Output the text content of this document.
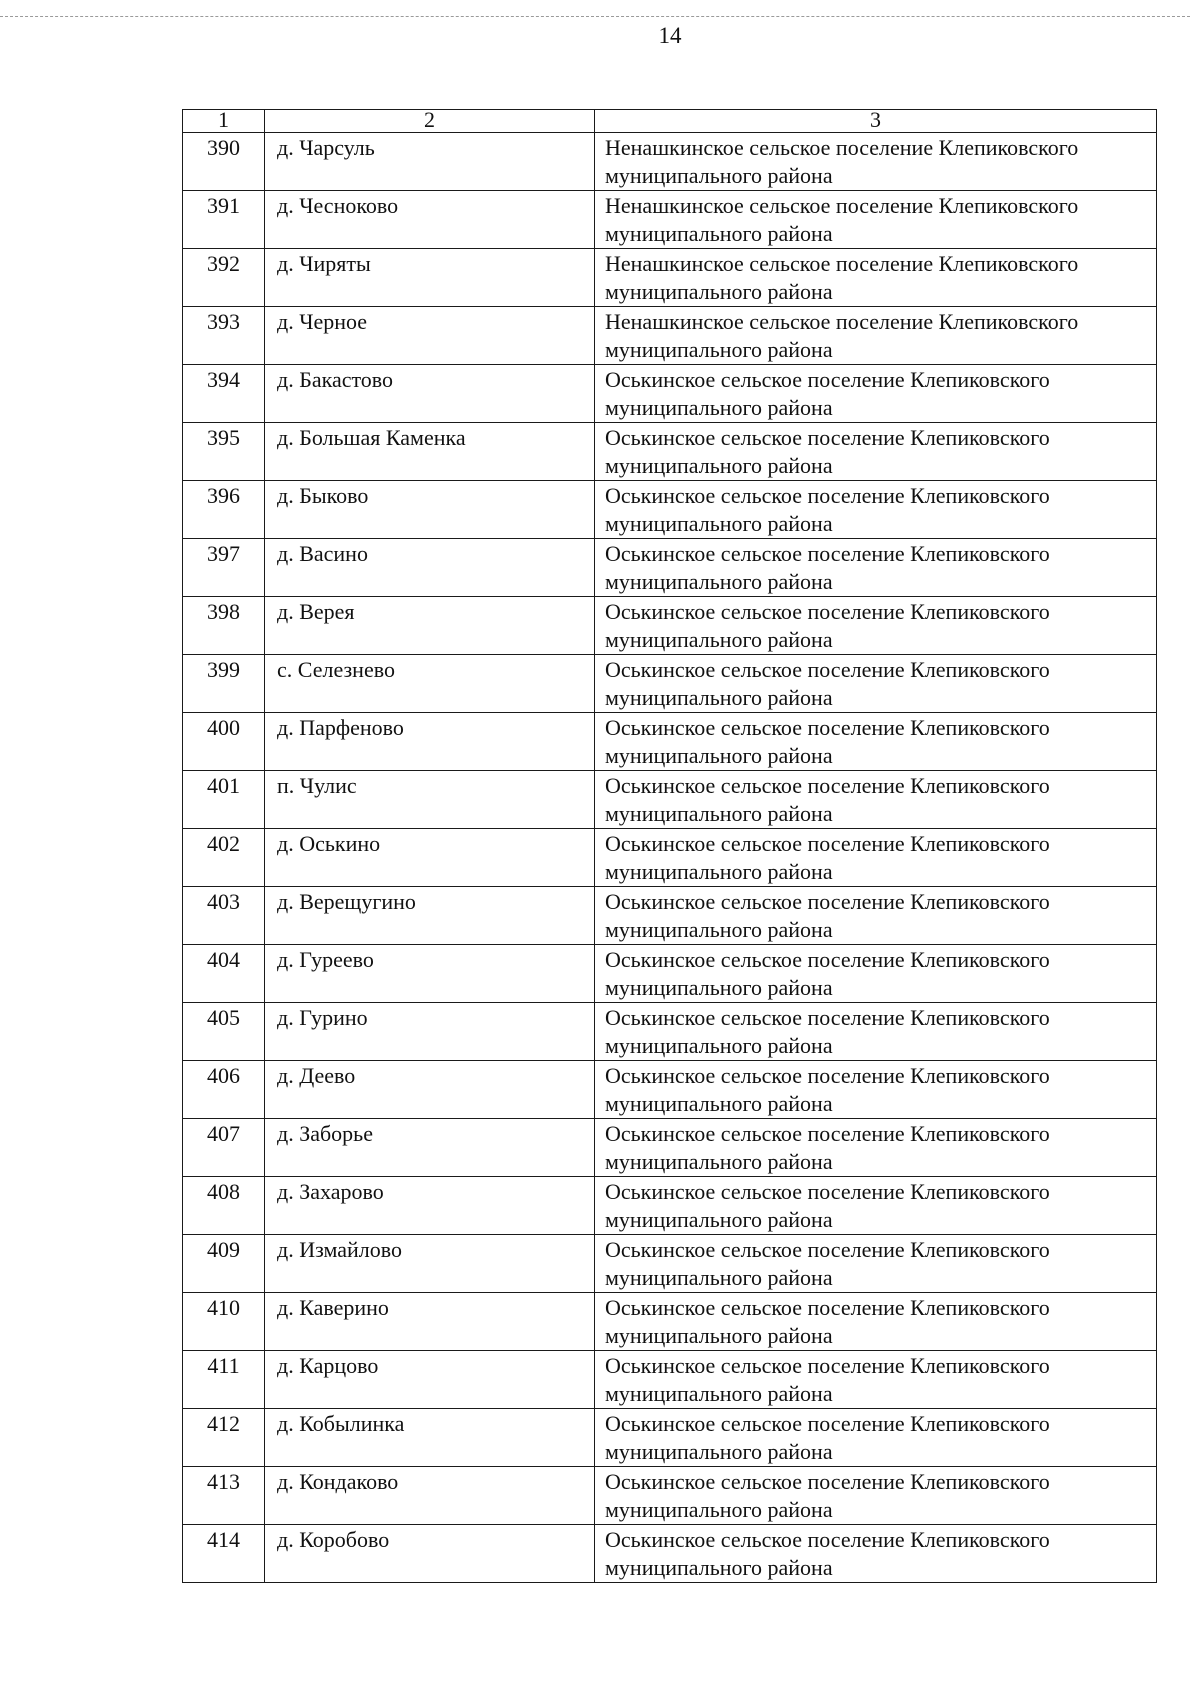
14
1	2	3
390	д. Чарсуль	Ненашкинское сельское поселение Клепиковского
муниципального района

391	д. Чесноково	Ненашкинское сельское поселение Клепиковского
муниципального района

392	д. Чиряты	Ненашкинское сельское поселение Клепиковского
муниципального района

393	д. Черное	Ненашкинское сельское поселение Клепиковского
муниципального района

394	д. Бакастово	Оськинское сельское поселение Клепиковского
муниципального района

395	д. Большая Каменка	Оськинское сельское поселение Клепиковского
муниципального района

396	д. Быково	Оськинское сельское поселение Клепиковского
муниципального района

397	д. Васино	Оськинское сельское поселение Клепиковского
муниципального района

398	д. Верея	Оськинское сельское поселение Клепиковского
муниципального района

399	с. Селезнево	Оськинское сельское поселение Клепиковского
муниципального района

400	д. Парфеново	Оськинское сельское поселение Клепиковского
муниципального района

401	п. Чулис	Оськинское сельское поселение Клепиковского
муниципального района

402	д. Оськино	Оськинское сельское поселение Клепиковского
муниципального района

403	д. Верещугино	Оськинское сельское поселение Клепиковского
муниципального района

404	д. Гуреево	Оськинское сельское поселение Клепиковского
муниципального района

405	д. Гурино	Оськинское сельское поселение Клепиковского
муниципального района

406	д. Деево	Оськинское сельское поселение Клепиковского
муниципального района

407	д. Заборье	Оськинское сельское поселение Клепиковского
муниципального района

408	д. Захарово	Оськинское сельское поселение Клепиковского
муниципального района

409	д. Измайлово	Оськинское сельское поселение Клепиковского
муниципального района

410	д. Каверино	Оськинское сельское поселение Клепиковского
муниципального района

411	д. Карцово	Оськинское сельское поселение Клепиковского
муниципального района

412	д. Кобылинка	Оськинское сельское поселение Клепиковского
муниципального района

413	д. Кондаково	Оськинское сельское поселение Клепиковского
муниципального района

414	д. Коробово	Оськинское сельское поселение Клепиковского
муниципального района
